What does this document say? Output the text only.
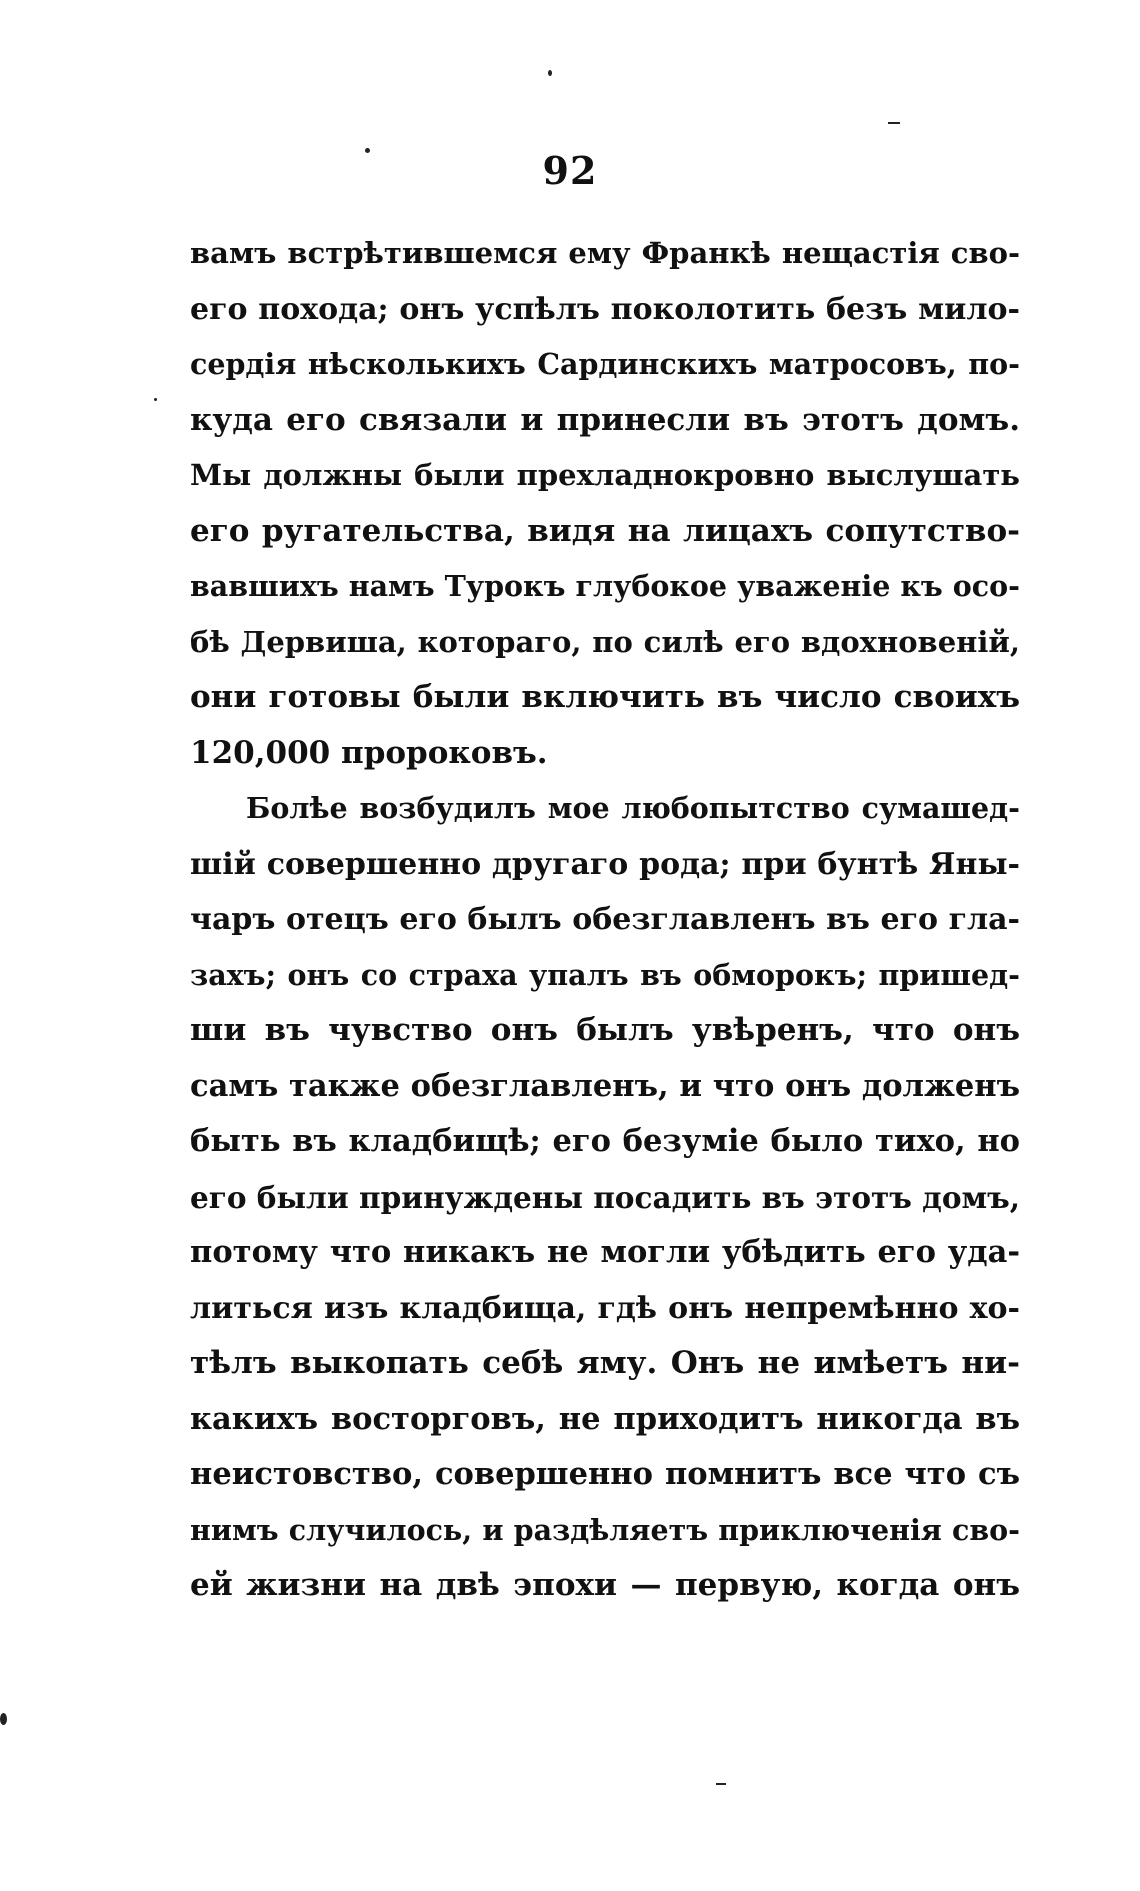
92
вамъ встрѣтившемся ему Франкѣ нещастія сво-
его похода; онъ успѣлъ поколотить безъ мило-
сердія нѣсколькихъ Сардинскихъ матросовъ, по-
куда его связали и принесли въ этотъ домъ.
Мы должны были прехладнокровно выслушать
его ругательства, видя на лицахъ сопутство-
вавшихъ намъ Турокъ глубокое уваженіе къ осо-
бѣ Дервиша, котораго, по силѣ его вдохновеній,
они готовы были включить въ число своихъ
120,000 пророковъ.
Болѣе возбудилъ мое любопытство сумашед-
шій совершенно другаго рода; при бунтѣ Яны-
чаръ отецъ его былъ обезглавленъ въ его гла-
захъ; онъ со страха упалъ въ обморокъ; пришед-
ши въ чувство онъ былъ увѣренъ, что онъ
самъ также обезглавленъ, и что онъ долженъ
быть въ кладбищѣ; его безуміе было тихо, но
его были принуждены посадить въ этотъ домъ,
потому что никакъ не могли убѣдить его уда-
литься изъ кладбища, гдѣ онъ непремѣнно хо-
тѣлъ выкопать себѣ яму. Онъ не имѣетъ ни-
какихъ восторговъ, не приходитъ никогда въ
неистовство, совершенно помнитъ все что съ
нимъ случилось, и раздѣляетъ приключенія сво-
ей жизни на двѣ эпохи — первую, когда онъ
